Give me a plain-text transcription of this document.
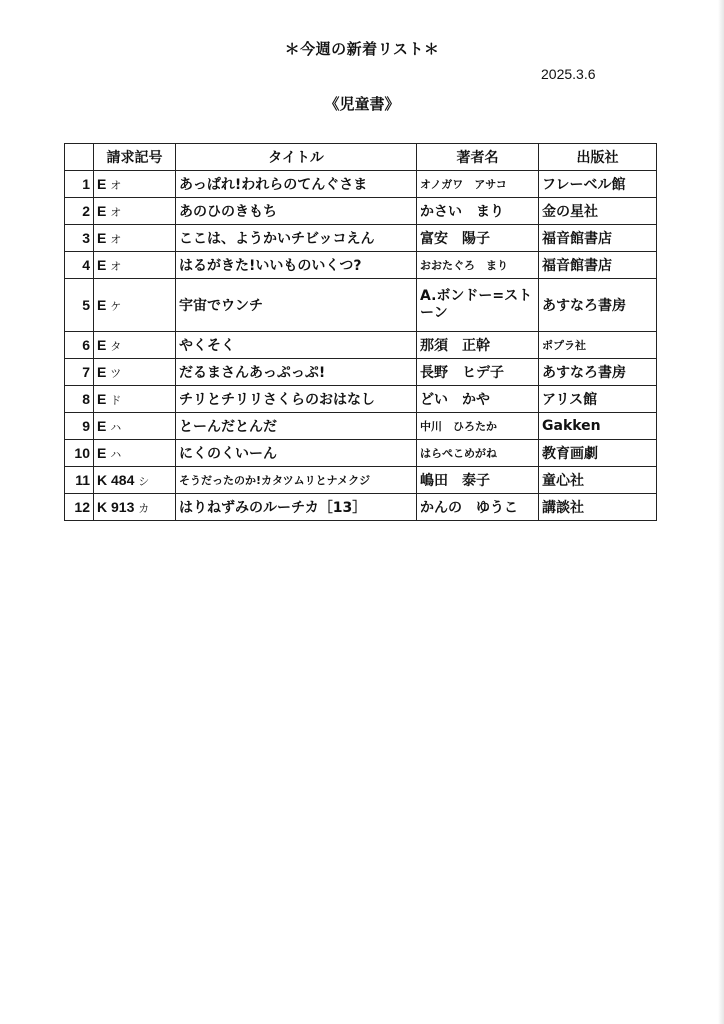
＊今週の新着リスト＊
2025.3.6
《児童書》
	請求記号	タイトル	著者名	出版社
1	E オ	あっぱれ!われらのてんぐさま	オノガワ　アサコ	フレーベル館
2	E オ	あのひのきもち	かさい　まり	金の星社
3	E オ	ここは、ようかいチビッコえん	富安　陽子	福音館書店
4	E オ	はるがきた!いいものいくつ?	おおたぐろ　まり	福音館書店
5	E ケ	宇宙でウンチ	A.ボンドー=ストーン	あすなろ書房
6	E タ	やくそく	那須　正幹	ポプラ社
7	E ツ	だるまさんあっぷっぷ!	長野　ヒデ子	あすなろ書房
8	E ド	チリとチリリさくらのおはなし	どい　かや	アリス館
9	E ハ	とーんだとんだ	中川　ひろたか	Gakken
10	E ハ	にくのくいーん	はらぺこめがね	教育画劇
11	K 484 シ	そうだったのか!カタツムリとナメクジ	嶋田　泰子	童心社
12	K 913 カ	はりねずみのルーチカ［13］	かんの　ゆうこ	講談社
